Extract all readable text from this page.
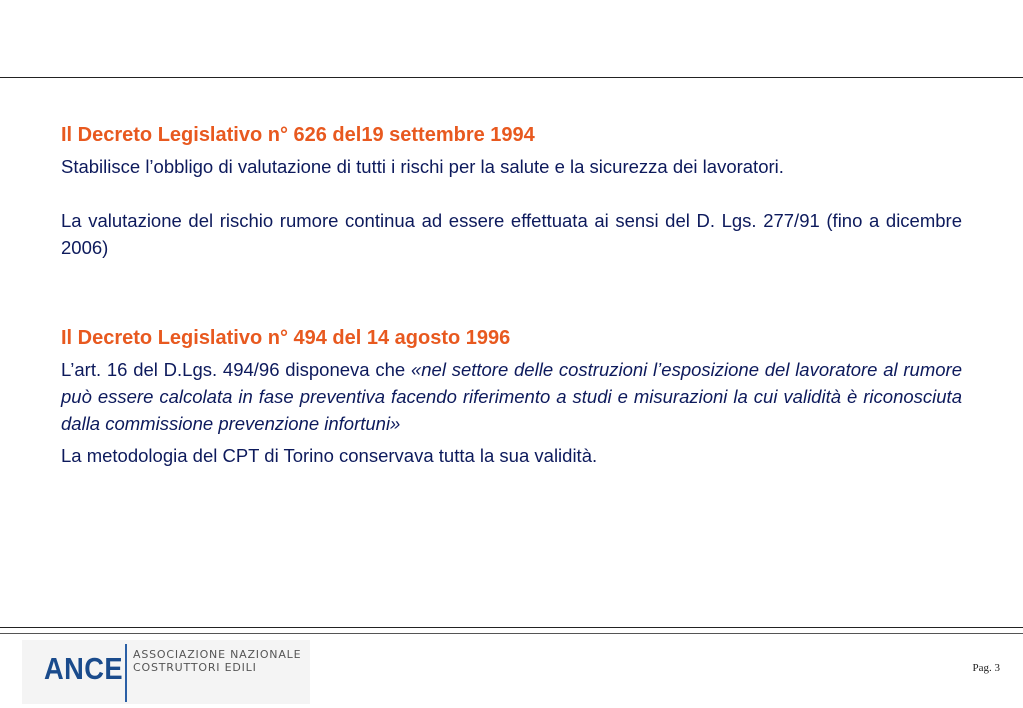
Il Decreto Legislativo n° 626 del19 settembre 1994

Stabilisce l’obbligo di valutazione di tutti i rischi per la salute e la sicurezza dei lavoratori.

La valutazione del rischio rumore continua ad essere effettuata ai sensi del D. Lgs. 277/91 (fino a dicembre 2006)

Il Decreto Legislativo n° 494 del 14 agosto 1996

L’art. 16 del D.Lgs. 494/96 disponeva che «nel settore delle costruzioni l’esposizione del lavoratore al rumore può essere calcolata in fase preventiva facendo riferimento a studi e misurazioni la cui validità è riconosciuta dalla commissione prevenzione infortuni»

La metodologia del CPT di Torino conservava tutta la sua validità.

ANCE ASSOCIAZIONE NAZIONALE
COSTRUTTORI EDILI	Pag. 3
